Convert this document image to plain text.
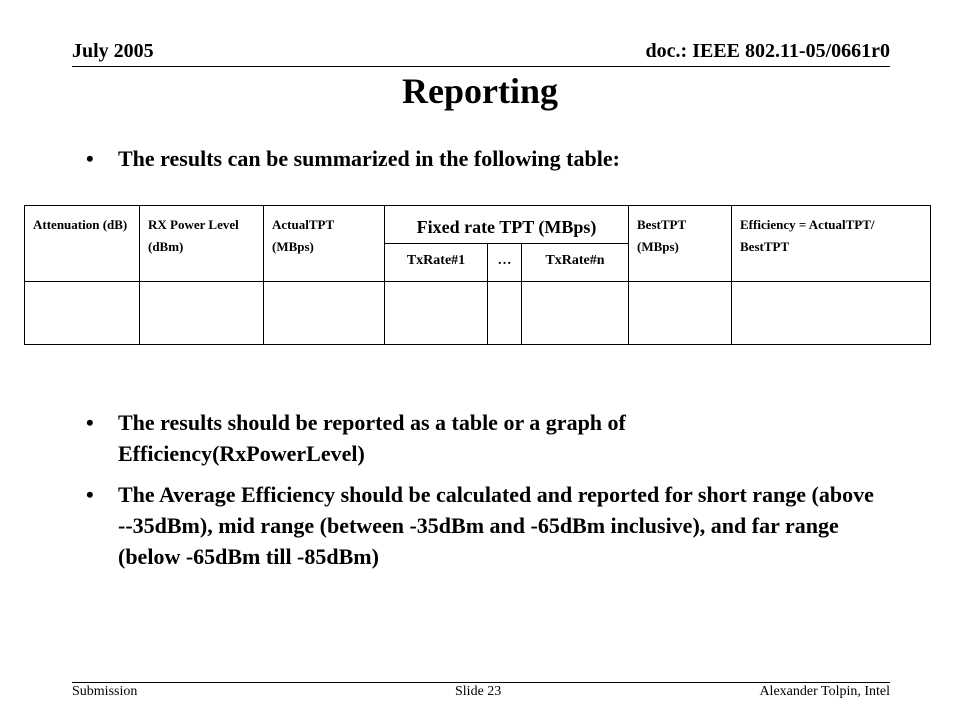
July 2005	doc.: IEEE 802.11-05/0661r0
Reporting
• The results can be summarized in the following table:
Attenuation (dB)	RX Power Level (dBm)	ActualTPT (MBps)	Fixed rate TPT (MBps)			BestTPT (MBps)	Efficiency = ActualTPT/ BestTPT
			TxRate#1	…	TxRate#n		

• The results should be reported as a table or a graph of Efficiency(RxPowerLevel)
• The Average Efficiency should be calculated and reported for short range (above --35dBm), mid range (between -35dBm and -65dBm inclusive), and far range (below -65dBm till -85dBm)
Submission	Slide 23	Alexander Tolpin, Intel
